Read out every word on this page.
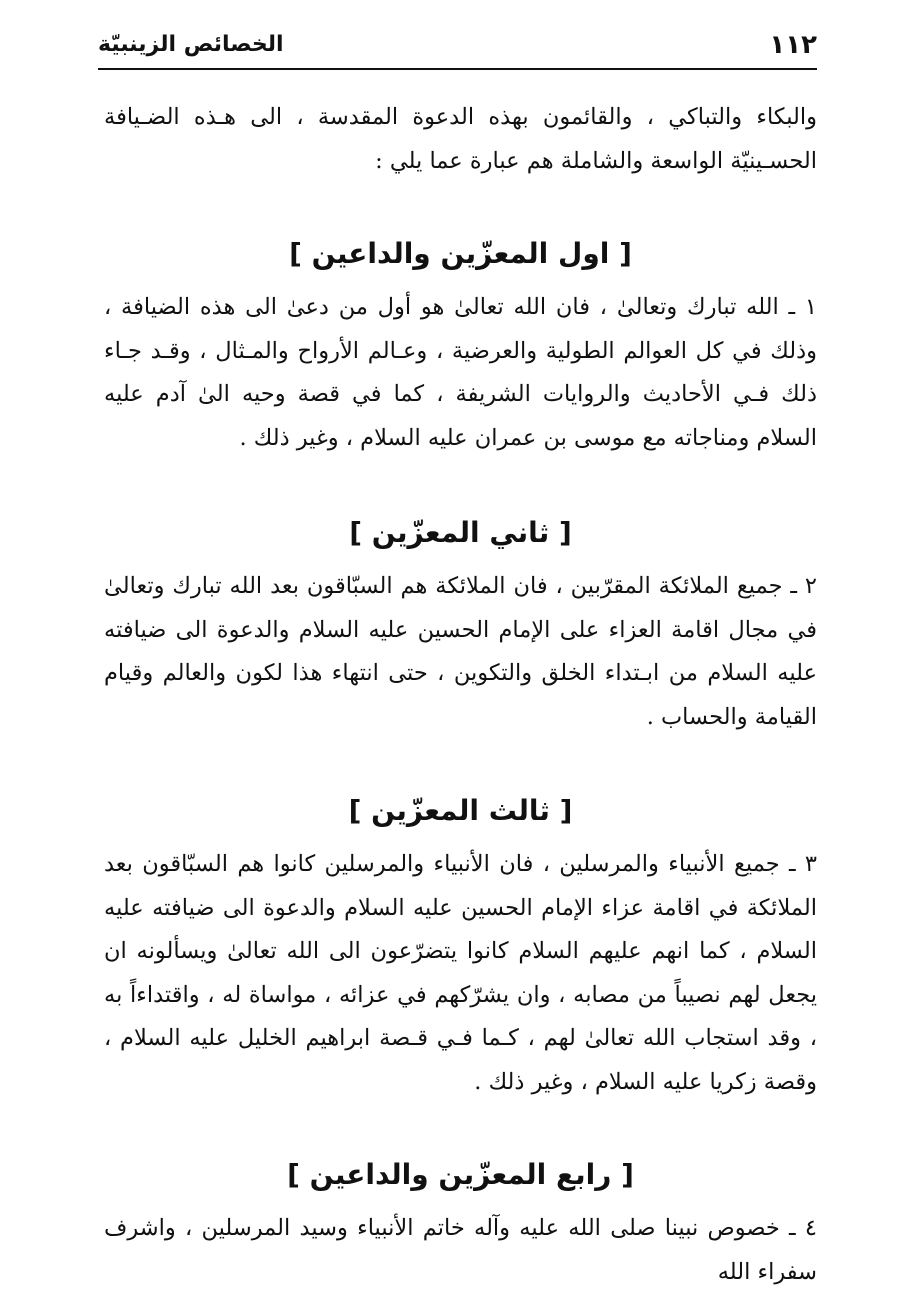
١١٢
الخصائص الزينبيّة

والبكاء والتباكي ، والقائمون بهذه الدعوة المقدسة ، الى هـذه الضـيافة الحسـينيّة الواسعة والشاملة هم عبارة عما يلي :

[ اول المعزّين والداعين ]

١ ـ الله تبارك وتعالىٰ ، فان الله تعالىٰ هو أول من دعىٰ الى هذه الضيافة ، وذلك في كل العوالم الطولية والعرضية ، وعـالم الأرواح والمـثال ، وقـد جـاء ذلك فـي الأحاديث والروايات الشريفة ، كما في قصة وحيه الىٰ آدم عليه السلام ومناجاته مع موسى بن عمران عليه السلام ، وغير ذلك .

[ ثاني المعزّين ]

٢ ـ جميع الملائكة المقرّبين ، فان الملائكة هم السبّاقون بعد الله تبارك وتعالىٰ في مجال اقامة العزاء على الإمام الحسين عليه السلام والدعوة الى ضيافته عليه السلام من ابـتداء الخلق والتكوين ، حتى انتهاء هذا لكون والعالم وقيام القيامة والحساب .

[ ثالث المعزّين ]

٣ ـ جميع الأنبياء والمرسلين ، فان الأنبياء والمرسلين كانوا هم السبّاقون بعد الملائكة في اقامة عزاء الإمام الحسين عليه السلام والدعوة الى ضيافته عليه السلام ، كما انهم عليهم السلام كانوا يتضرّعون الى الله تعالىٰ ويسألونه ان يجعل لهم نصيباً من مصابه ، وان يشرّكهم في عزائه ، مواساة له ، واقتداءاً به ، وقد استجاب الله تعالىٰ لهم ، كـما فـي قـصة ابراهيم الخليل عليه السلام ، وقصة زكريا عليه السلام ، وغير ذلك .

[ رابع المعزّين والداعين ]

٤ ـ خصوص نبينا صلى الله عليه وآله خاتم الأنبياء وسيد المرسلين ، واشرف سفراء الله
